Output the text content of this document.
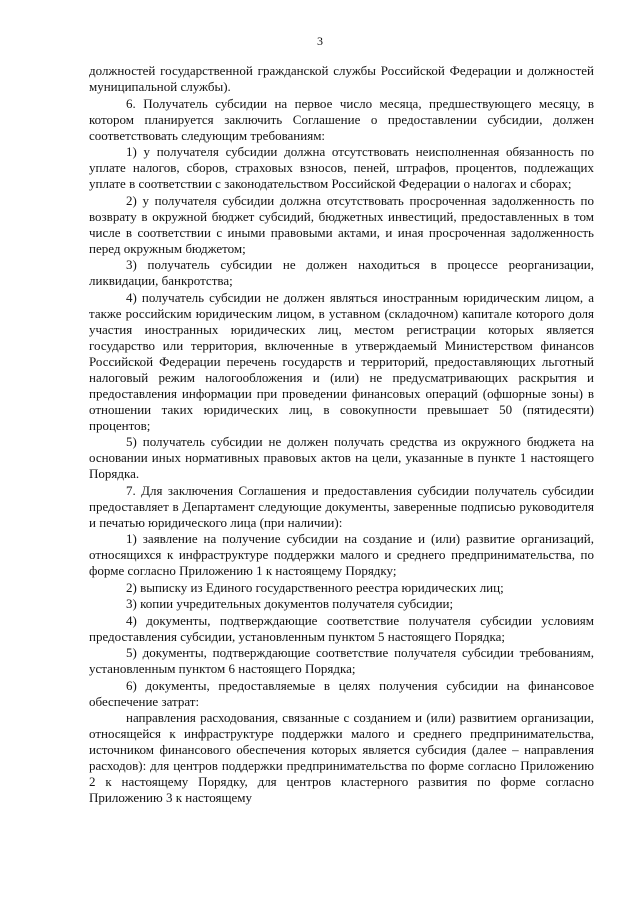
3

должностей государственной гражданской службы Российской Федерации и должностей муниципальной службы).

6. Получатель субсидии на первое число месяца, предшествующего месяцу, в котором планируется заключить Соглашение о предоставлении субсидии, должен соответствовать следующим требованиям:

1) у получателя субсидии должна отсутствовать неисполненная обязанность по уплате налогов, сборов, страховых взносов, пеней, штрафов, процентов, подлежащих уплате в соответствии с законодательством Российской Федерации о налогах и сборах;

2) у получателя субсидии должна отсутствовать просроченная задолженность по возврату в окружной бюджет субсидий, бюджетных инвестиций, предоставленных в том числе в соответствии с иными правовыми актами, и иная просроченная задолженность перед окружным бюджетом;

3) получатель субсидии не должен находиться в процессе реорганизации, ликвидации, банкротства;

4) получатель субсидии не должен являться иностранным юридическим лицом, а также российским юридическим лицом, в уставном (складочном) капитале которого доля участия иностранных юридических лиц, местом регистрации которых является государство или территория, включенные в утверждаемый Министерством финансов Российской Федерации перечень государств и территорий, предоставляющих льготный налоговый режим налогообложения и (или) не предусматривающих раскрытия и предоставления информации при проведении финансовых операций (офшорные зоны) в отношении таких юридических лиц, в совокупности превышает 50 (пятидесяти) процентов;

5) получатель субсидии не должен получать средства из окружного бюджета на основании иных нормативных правовых актов на цели, указанные в пункте 1 настоящего Порядка.

7. Для заключения Соглашения и предоставления субсидии получатель субсидии предоставляет в Департамент следующие документы, заверенные подписью руководителя и печатью юридического лица (при наличии):

1) заявление на получение субсидии на создание и (или) развитие организаций, относящихся к инфраструктуре поддержки малого и среднего предпринимательства, по форме согласно Приложению 1 к настоящему Порядку;

2) выписку из Единого государственного реестра юридических лиц;

3) копии учредительных документов получателя субсидии;

4) документы, подтверждающие соответствие получателя субсидии условиям предоставления субсидии, установленным пунктом 5 настоящего Порядка;

5) документы, подтверждающие соответствие получателя субсидии требованиям, установленным пунктом 6 настоящего Порядка;

6) документы, предоставляемые в целях получения субсидии на финансовое обеспечение затрат:

направления расходования, связанные с созданием и (или) развитием организации, относящейся к инфраструктуре поддержки малого и среднего предпринимательства, источником финансового обеспечения которых является субсидия (далее – направления расходов): для центров поддержки предпринимательства по форме согласно Приложению 2 к настоящему Порядку, для центров кластерного развития по форме согласно Приложению 3 к настоящему
